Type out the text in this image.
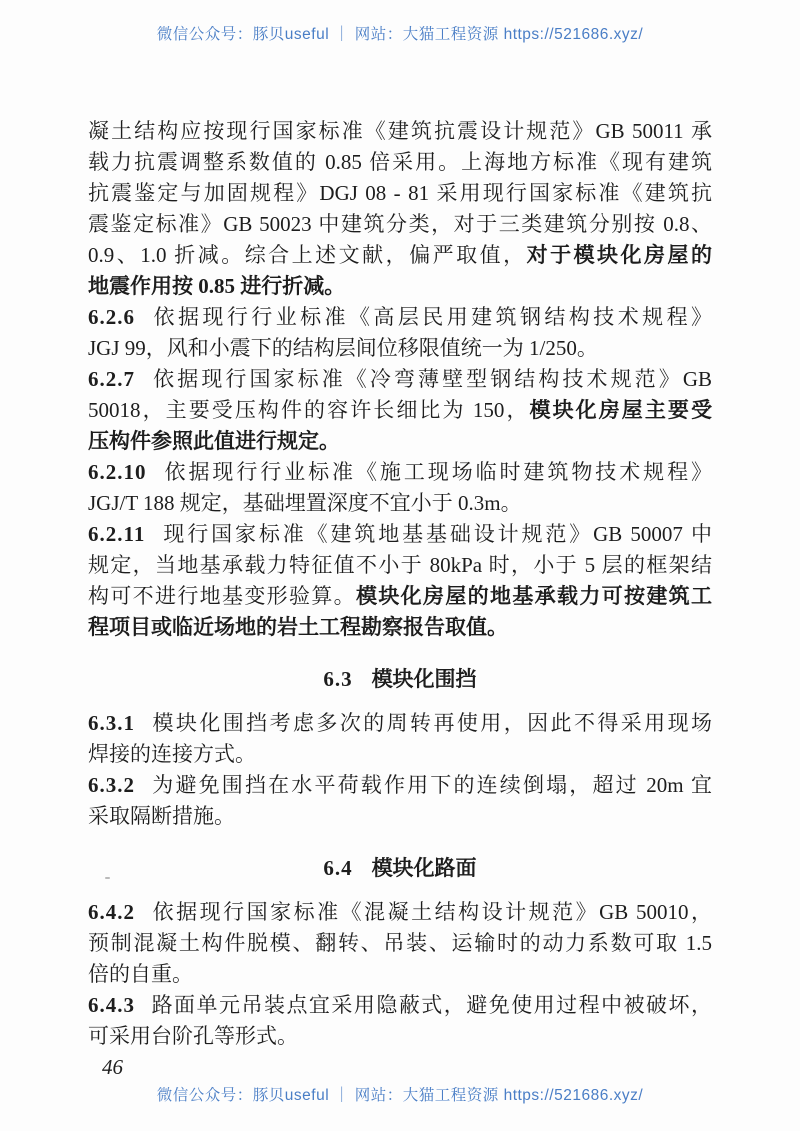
微信公众号：豚贝useful ｜ 网站：大猫工程资源 https://521686.xyz/
凝土结构应按现行国家标准《建筑抗震设计规范》GB 50011 承
载力抗震调整系数值的 0.85 倍采用。上海地方标准《现有建筑
抗震鉴定与加固规程》DGJ 08 - 81 采用现行国家标准《建筑抗
震鉴定标准》GB 50023 中建筑分类，对于三类建筑分别按 0.8、
0.9、1.0 折减。综合上述文献，偏严取值，对于模块化房屋的
地震作用按 0.85 进行折减。
6.2.6 依据现行行业标准《高层民用建筑钢结构技术规程》
JGJ 99，风和小震下的结构层间位移限值统一为 1/250。
6.2.7 依据现行国家标准《冷弯薄壁型钢结构技术规范》GB
50018，主要受压构件的容许长细比为 150，模块化房屋主要受
压构件参照此值进行规定。
6.2.10 依据现行行业标准《施工现场临时建筑物技术规程》
JGJ/T 188 规定，基础埋置深度不宜小于 0.3m。
6.2.11 现行国家标准《建筑地基基础设计规范》GB 50007 中
规定，当地基承载力特征值不小于 80kPa 时，小于 5 层的框架结
构可不进行地基变形验算。模块化房屋的地基承载力可按建筑工
程项目或临近场地的岩土工程勘察报告取值。
6.3 模块化围挡
6.3.1 模块化围挡考虑多次的周转再使用，因此不得采用现场
焊接的连接方式。
6.3.2 为避免围挡在水平荷载作用下的连续倒塌，超过 20m 宜
采取隔断措施。
6.4 模块化路面
6.4.2 依据现行国家标准《混凝土结构设计规范》GB 50010，
预制混凝土构件脱模、翻转、吊装、运输时的动力系数可取 1.5
倍的自重。
6.4.3 路面单元吊装点宜采用隐蔽式，避免使用过程中被破坏，
可采用台阶孔等形式。
46
微信公众号：豚贝useful ｜ 网站：大猫工程资源 https://521686.xyz/
